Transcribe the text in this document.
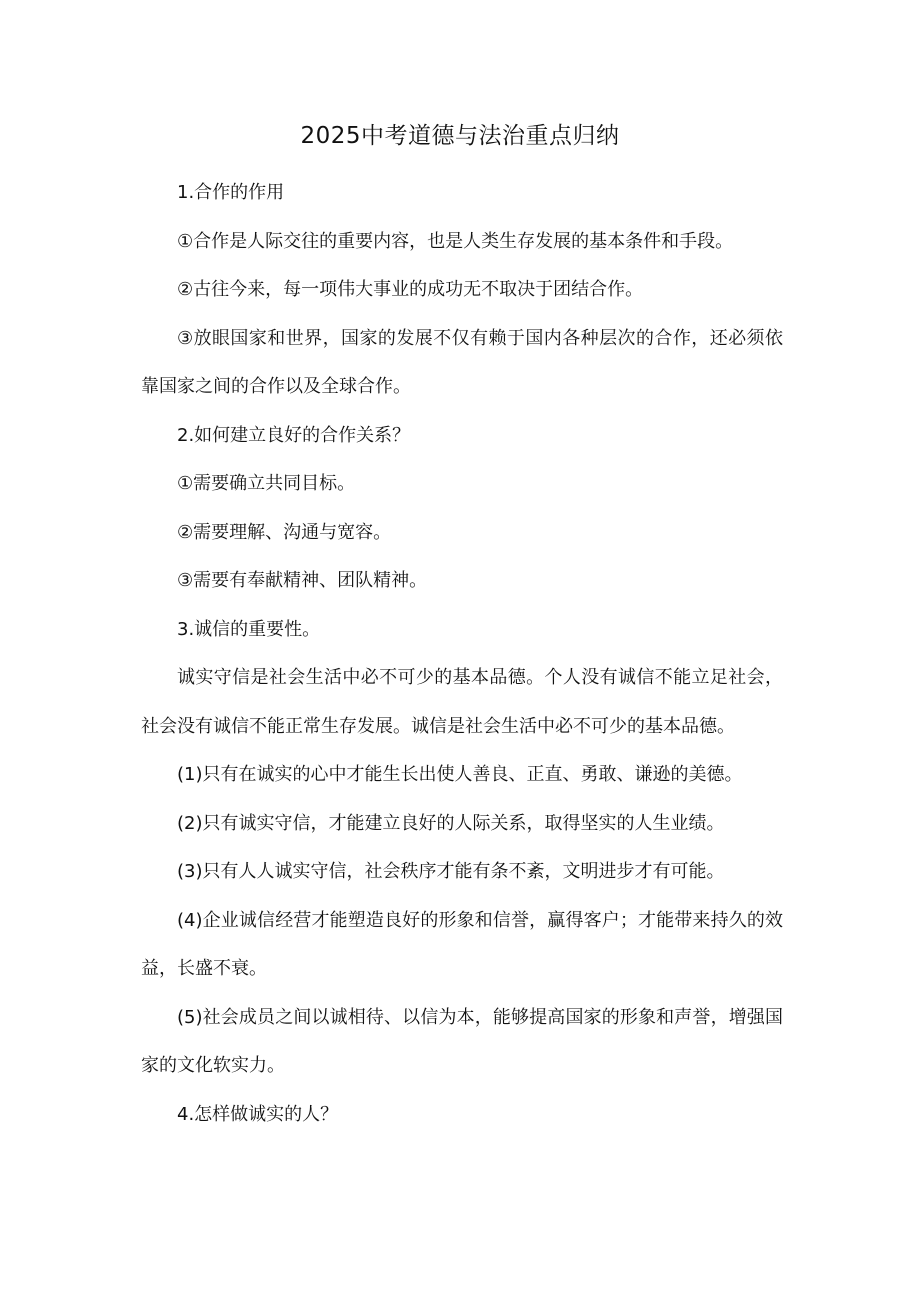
2025中考道德与法治重点归纳

1.合作的作用

①合作是人际交往的重要内容，也是人类生存发展的基本条件和手段。

②古往今来，每一项伟大事业的成功无不取决于团结合作。

③放眼国家和世界，国家的发展不仅有赖于国内各种层次的合作，还必须依靠国家之间的合作以及全球合作。

2.如何建立良好的合作关系？

①需要确立共同目标。

②需要理解、沟通与宽容。

③需要有奉献精神、团队精神。

3.诚信的重要性。

诚实守信是社会生活中必不可少的基本品德。个人没有诚信不能立足社会，社会没有诚信不能正常生存发展。诚信是社会生活中必不可少的基本品德。

(1)只有在诚实的心中才能生长出使人善良、正直、勇敢、谦逊的美德。

(2)只有诚实守信，才能建立良好的人际关系，取得坚实的人生业绩。

(3)只有人人诚实守信，社会秩序才能有条不紊，文明进步才有可能。

(4)企业诚信经营才能塑造良好的形象和信誉，赢得客户；才能带来持久的效益，长盛不衰。

(5)社会成员之间以诚相待、以信为本，能够提高国家的形象和声誉，增强国家的文化软实力。

4.怎样做诚实的人？
